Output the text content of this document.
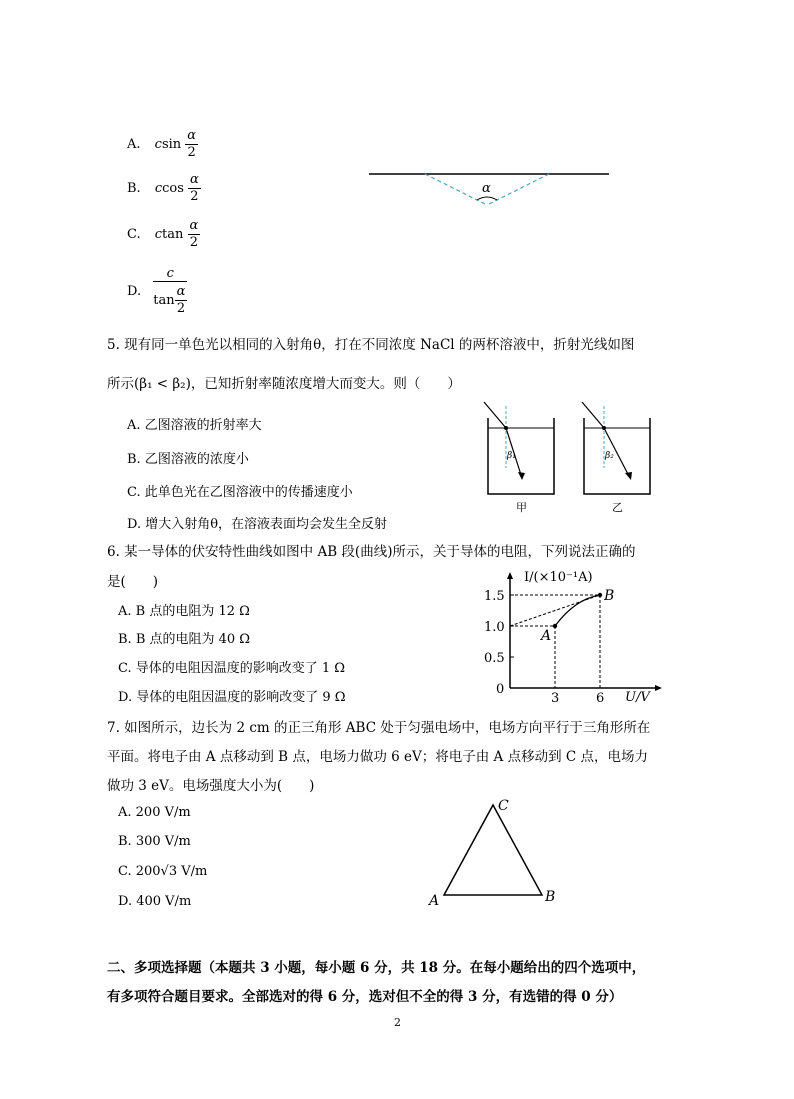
A. csin $\frac{\alpha}{2}$
B. ccos $\frac{\alpha}{2}$
C. ctan $\frac{\alpha}{2}$
D. $\frac{c}{\tan \frac{\alpha}{2}}$
α
5. 现有同一单色光以相同的入射角θ，打在不同浓度 NaCl 的两杯溶液中，折射光线如图
所示(β₁ < β₂)，已知折射率随浓度增大而变大。则（　　）
A. 乙图溶液的折射率大
B. 乙图溶液的浓度小
C. 此单色光在乙图溶液中的传播速度小
D. 增大入射角θ，在溶液表面均会发生全反射
β₁
甲
β₂
乙
6. 某一导体的伏安特性曲线如图中 AB 段(曲线)所示，关于导体的电阻，下列说法正确的
是(　　)
A. B 点的电阻为 12 Ω
B. B 点的电阻为 40 Ω
C. 导体的电阻因温度的影响改变了 1 Ω
D. 导体的电阻因温度的影响改变了 9 Ω
I/(×10⁻¹A)
U/V
0
0.5
1.0
1.5
3	6
A
B
7. 如图所示，边长为 2 cm 的正三角形 ABC 处于匀强电场中，电场方向平行于三角形所在
平面。将电子由 A 点移动到 B 点，电场力做功 6 eV；将电子由 A 点移动到 C 点，电场力
做功 3 eV。电场强度大小为(　　)
A. 200 V/m
B. 300 V/m
C. 200√3 V/m
D. 400 V/m	A	B
C
二、多项选择题（本题共 3 小题，每小题 6 分，共 18 分。在每小题给出的四个选项中，
有多项符合题目要求。全部选对的得 6 分，选对但不全的得 3 分，有选错的得 0 分）
2
